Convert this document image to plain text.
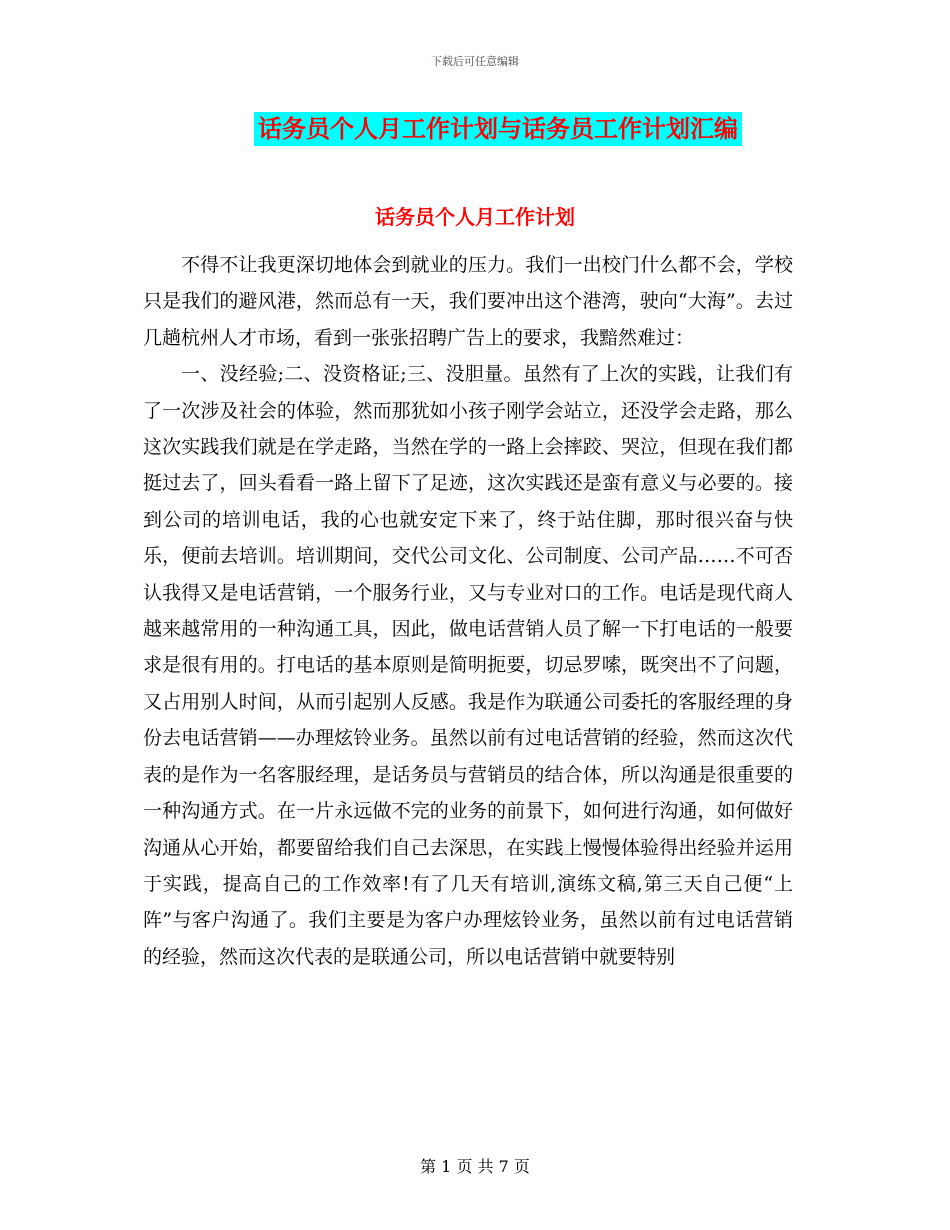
下载后可任意编辑
话务员个人月工作计划与话务员工作计划汇编
话务员个人月工作计划

不得不让我更深切地体会到就业的压力。我们一出校门什么都不会，学校只是我们的避风港，然而总有一天，我们要冲出这个港湾，驶向“大海”。去过几趟杭州人才市场，看到一张张招聘广告上的要求，我黯然难过：

一、没经验;二、没资格证;三、没胆量。虽然有了上次的实践，让我们有了一次涉及社会的体验，然而那犹如小孩子刚学会站立，还没学会走路，那么这次实践我们就是在学走路，当然在学的一路上会摔跤、哭泣，但现在我们都挺过去了，回头看看一路上留下了足迹，这次实践还是蛮有意义与必要的。接到公司的培训电话，我的心也就安定下来了，终于站住脚，那时很兴奋与快乐，便前去培训。培训期间，交代公司文化、公司制度、公司产品……不可否认我得又是电话营销，一个服务行业，又与专业对口的工作。电话是现代商人越来越常用的一种沟通工具，因此，做电话营销人员了解一下打电话的一般要求是很有用的。打电话的基本原则是简明扼要，切忌罗嗦，既突出不了问题，又占用别人时间，从而引起别人反感。我是作为联通公司委托的客服经理的身份去电话营销——办理炫铃业务。虽然以前有过电话营销的经验，然而这次代表的是作为一名客服经理，是话务员与营销员的结合体，所以沟通是很重要的一种沟通方式。在一片永远做不完的业务的前景下，如何进行沟通，如何做好沟通从心开始，都要留给我们自己去深思，在实践上慢慢体验得出经验并运用于实践，提高自己的工作效率!有了几天有培训,演练文稿,第三天自己便“上阵”与客户沟通了。我们主要是为客户办理炫铃业务，虽然以前有过电话营销的经验，然而这次代表的是联通公司，所以电话营销中就要特别

第 1 页 共 7 页
